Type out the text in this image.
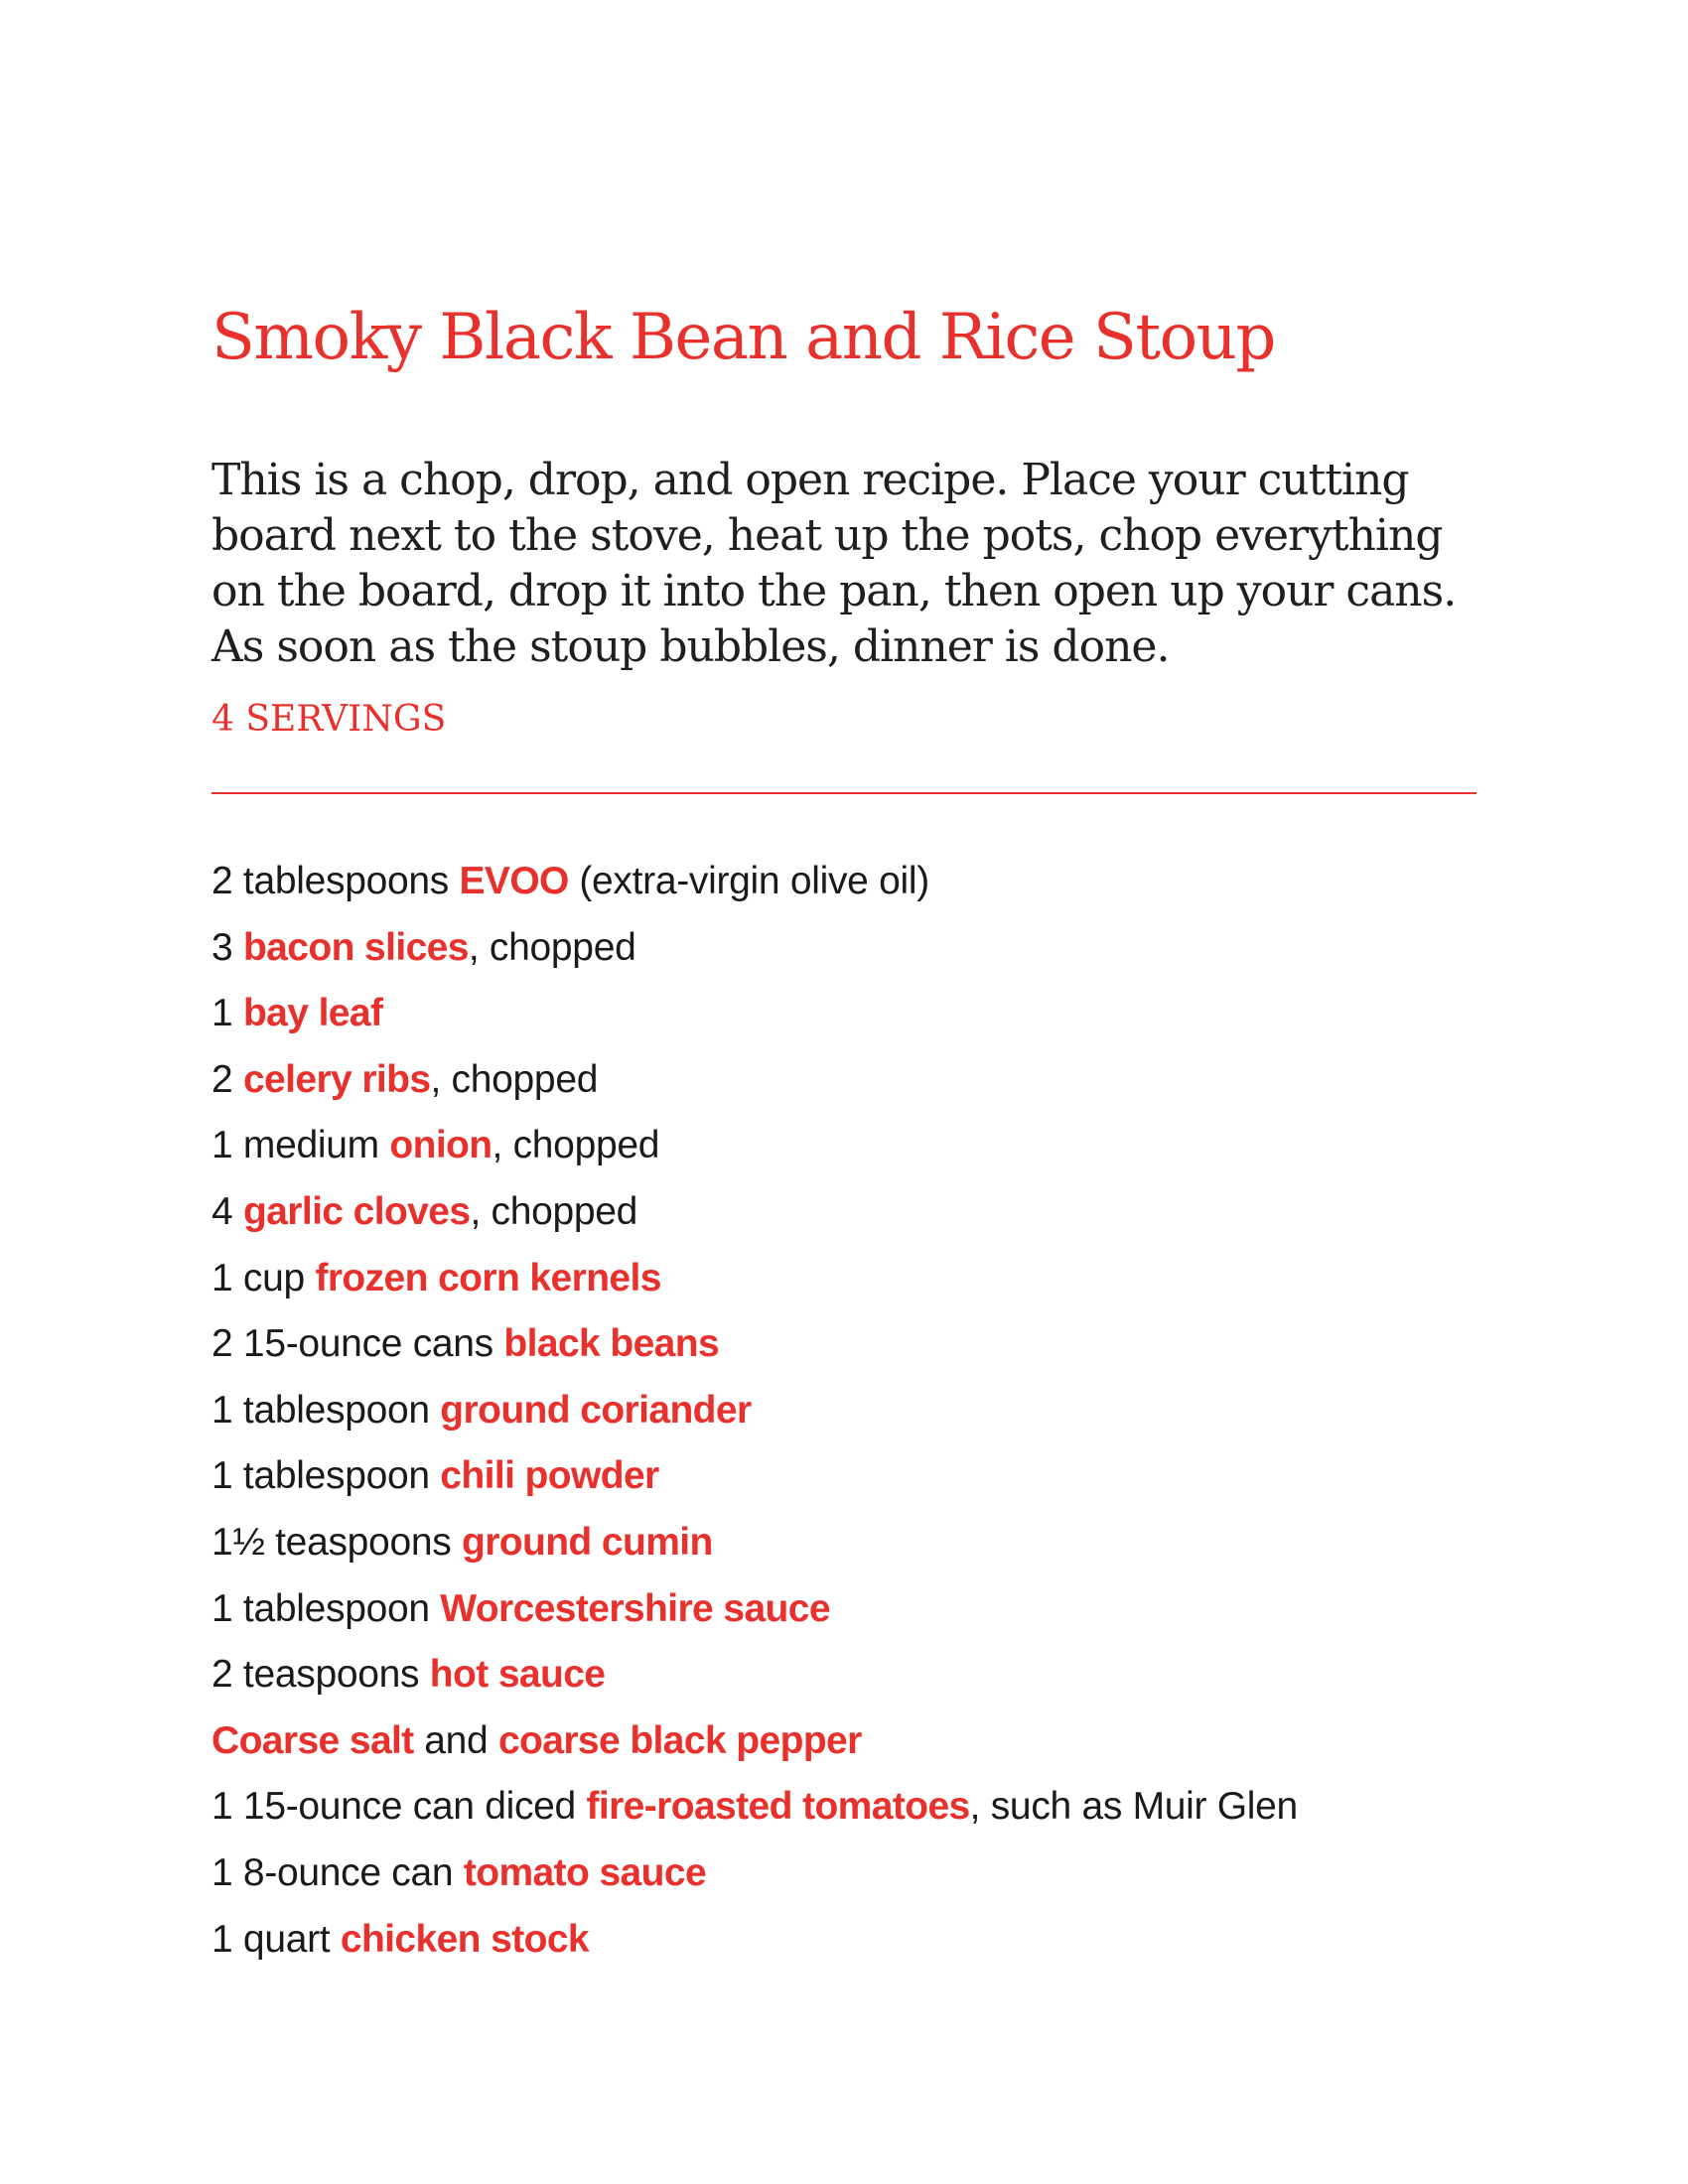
Smoky Black Bean and Rice Stoup

This is a chop, drop, and open recipe. Place your cutting board next to the stove, heat up the pots, chop everything on the board, drop it into the pan, then open up your cans. As soon as the stoup bubbles, dinner is done.

4 SERVINGS

2 tablespoons EVOO (extra-virgin olive oil)
3 bacon slices, chopped
1 bay leaf
2 celery ribs, chopped
1 medium onion, chopped
4 garlic cloves, chopped
1 cup frozen corn kernels
2 15-ounce cans black beans
1 tablespoon ground coriander
1 tablespoon chili powder
1½ teaspoons ground cumin
1 tablespoon Worcestershire sauce
2 teaspoons hot sauce
Coarse salt and coarse black pepper
1 15-ounce can diced fire-roasted tomatoes, such as Muir Glen
1 8-ounce can tomato sauce
1 quart chicken stock
